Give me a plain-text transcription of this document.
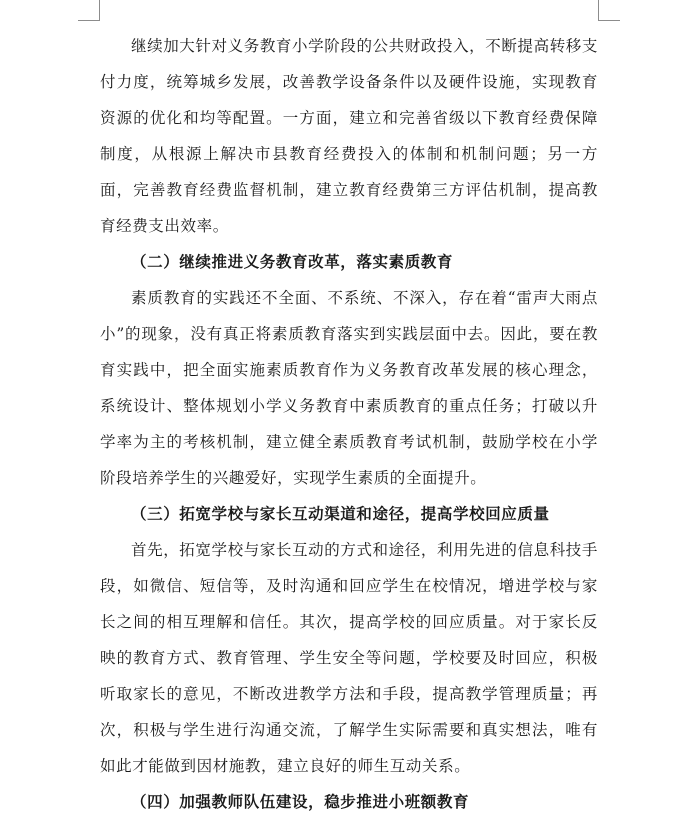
继续加大针对义务教育小学阶段的公共财政投入，不断提高转移支付力度，统筹城乡发展，改善教学设备条件以及硬件设施，实现教育资源的优化和均等配置。一方面，建立和完善省级以下教育经费保障制度，从根源上解决市县教育经费投入的体制和机制问题；另一方面，完善教育经费监督机制，建立教育经费第三方评估机制，提高教育经费支出效率。

（二）继续推进义务教育改革，落实素质教育

素质教育的实践还不全面、不系统、不深入，存在着“雷声大雨点小”的现象，没有真正将素质教育落实到实践层面中去。因此，要在教育实践中，把全面实施素质教育作为义务教育改革发展的核心理念，系统设计、整体规划小学义务教育中素质教育的重点任务；打破以升学率为主的考核机制，建立健全素质教育考试机制，鼓励学校在小学阶段培养学生的兴趣爱好，实现学生素质的全面提升。

（三）拓宽学校与家长互动渠道和途径，提高学校回应质量

首先，拓宽学校与家长互动的方式和途径，利用先进的信息科技手段，如微信、短信等，及时沟通和回应学生在校情况，增进学校与家长之间的相互理解和信任。其次，提高学校的回应质量。对于家长反映的教育方式、教育管理、学生安全等问题，学校要及时回应，积极听取家长的意见，不断改进教学方法和手段，提高教学管理质量；再次，积极与学生进行沟通交流，了解学生实际需要和真实想法，唯有如此才能做到因材施教，建立良好的师生互动关系。

（四）加强教师队伍建设，稳步推进小班额教育
